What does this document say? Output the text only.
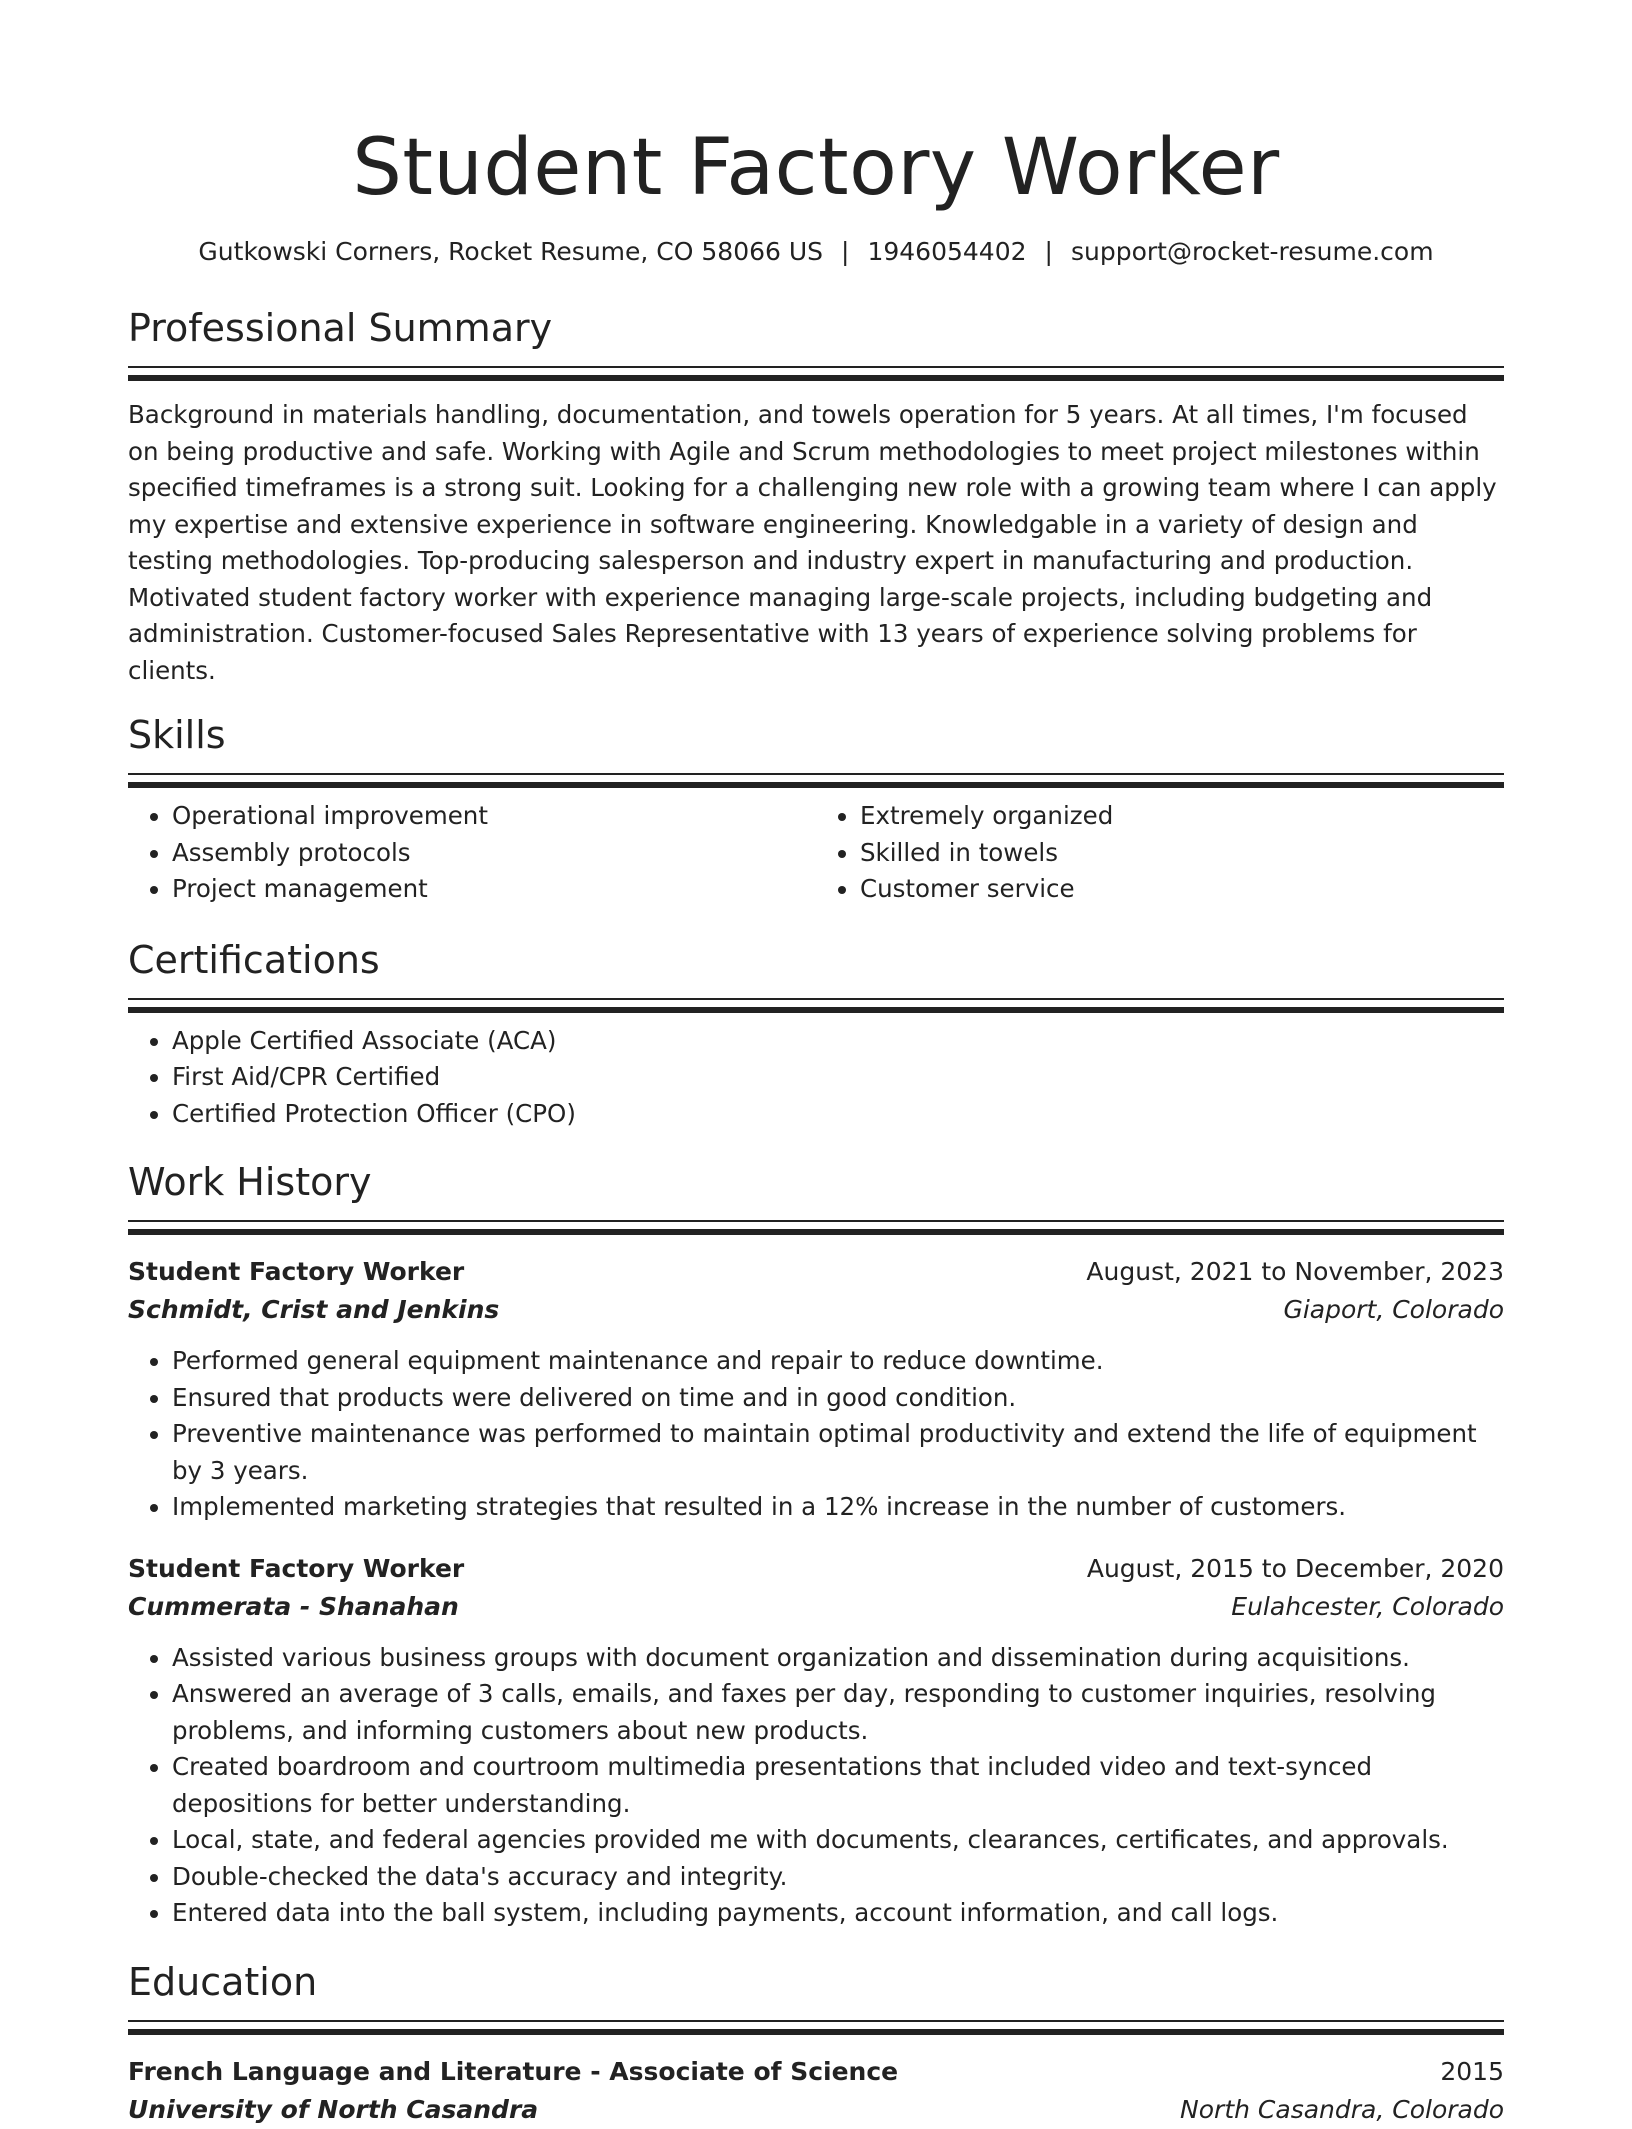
Student Factory Worker
Gutkowski Corners, Rocket Resume, CO 58066 US | 1946054402 | support@rocket-resume.com
Professional Summary

Background in materials handling, documentation, and towels operation for 5 years. At all times, I'm focused on being productive and safe. Working with Agile and Scrum methodologies to meet project milestones within specified timeframes is a strong suit. Looking for a challenging new role with a growing team where I can apply my expertise and extensive experience in software engineering. Knowledgable in a variety of design and testing methodologies. Top-producing salesperson and industry expert in manufacturing and production. Motivated student factory worker with experience managing large-scale projects, including budgeting and administration. Customer-focused Sales Representative with 13 years of experience solving problems for clients.

Skills
• Operational improvement
• Assembly protocols
• Project management
• Extremely organized
• Skilled in towels
• Customer service
Certifications
• Apple Certified Associate (ACA)
• First Aid/CPR Certified
• Certified Protection Officer (CPO)
Work History
Student Factory Worker	August, 2021 to November, 2023
Schmidt, Crist and Jenkins	Giaport, Colorado
• Performed general equipment maintenance and repair to reduce downtime.
• Ensured that products were delivered on time and in good condition.
• Preventive maintenance was performed to maintain optimal productivity and extend the life of equipment by 3 years.
• Implemented marketing strategies that resulted in a 12% increase in the number of customers.
Student Factory Worker	August, 2015 to December, 2020
Cummerata - Shanahan	Eulahcester, Colorado
• Assisted various business groups with document organization and dissemination during acquisitions.
• Answered an average of 3 calls, emails, and faxes per day, responding to customer inquiries, resolving problems, and informing customers about new products.
• Created boardroom and courtroom multimedia presentations that included video and text-synced depositions for better understanding.
• Local, state, and federal agencies provided me with documents, clearances, certificates, and approvals.
• Double-checked the data's accuracy and integrity.
• Entered data into the ball system, including payments, account information, and call logs.
Education
French Language and Literature - Associate of Science	2015
University of North Casandra	North Casandra, Colorado
